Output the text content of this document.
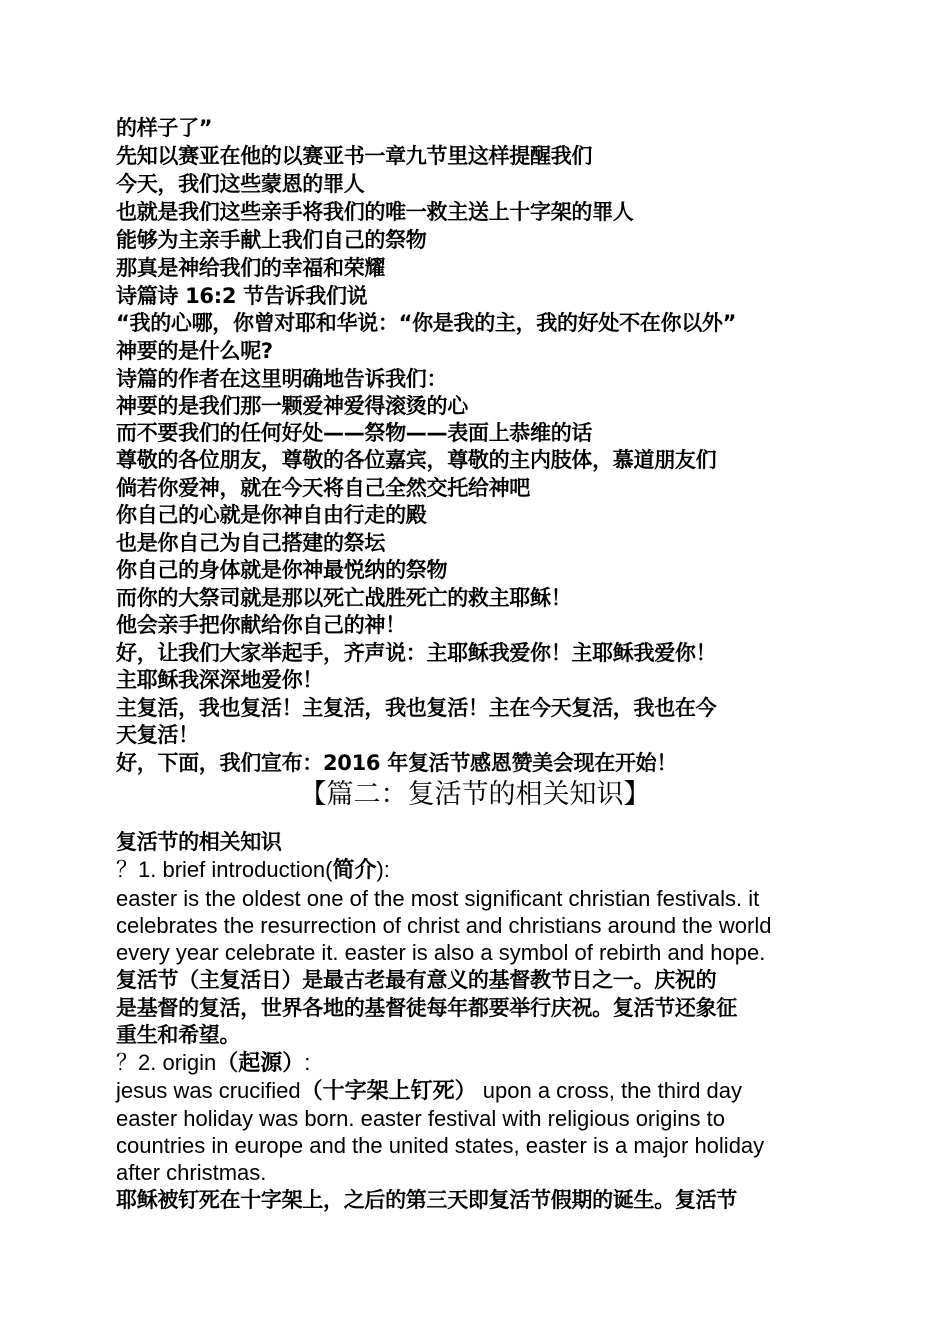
的样子了”
先知以赛亚在他的以赛亚书一章九节里这样提醒我们
今天，我们这些蒙恩的罪人
也就是我们这些亲手将我们的唯一救主送上十字架的罪人
能够为主亲手献上我们自己的祭物
那真是神给我们的幸福和荣耀
诗篇诗 16:2 节告诉我们说
“我的心哪，你曾对耶和华说：“你是我的主，我的好处不在你以外”
神要的是什么呢?
诗篇的作者在这里明确地告诉我们：
神要的是我们那一颗爱神爱得滚烫的心
而不要我们的任何好处——祭物——表面上恭维的话
尊敬的各位朋友，尊敬的各位嘉宾，尊敬的主内肢体，慕道朋友们
倘若你爱神，就在今天将自己全然交托给神吧
你自己的心就是你神自由行走的殿
也是你自己为自己搭建的祭坛
你自己的身体就是你神最悦纳的祭物
而你的大祭司就是那以死亡战胜死亡的救主耶稣！
他会亲手把你献给你自己的神！
好，让我们大家举起手，齐声说：主耶稣我爱你！主耶稣我爱你！
主耶稣我深深地爱你！
主复活，我也复活！主复活，我也复活！主在今天复活，我也在今
天复活！
好，下面，我们宣布：2016 年复活节感恩赞美会现在开始！
【篇二：复活节的相关知识】
复活节的相关知识
？1. brief introduction(简介):
easter is the oldest one of the most significant christian festivals. it
celebrates the resurrection of christ and christians around the world
every year celebrate it. easter is also a symbol of rebirth and hope.
复活节（主复活日）是最古老最有意义的基督教节日之一。庆祝的
是基督的复活，世界各地的基督徒每年都要举行庆祝。复活节还象征
重生和希望。
？2. origin（起源）:
jesus was crucified（十字架上钉死） upon a cross, the third day
easter holiday was born. easter festival with religious origins to
countries in europe and the united states, easter is a major holiday
after christmas.
耶稣被钉死在十字架上，之后的第三天即复活节假期的诞生。复活节
